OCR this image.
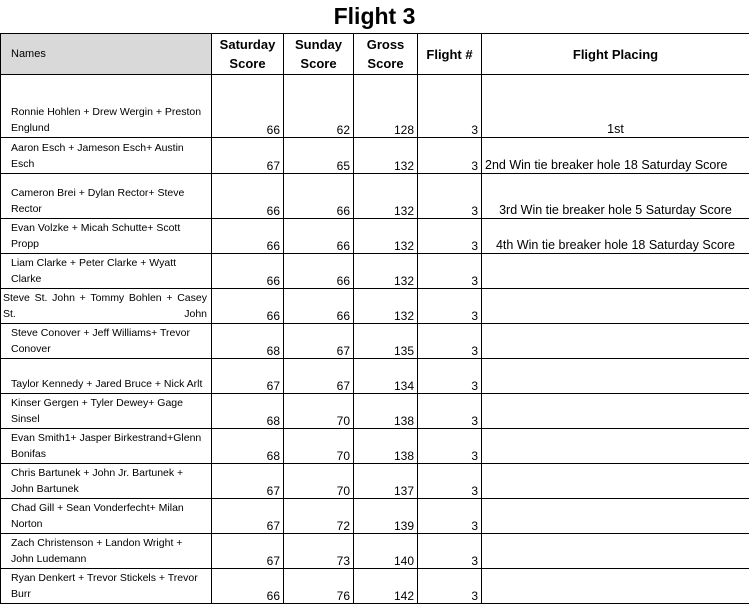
Flight 3
Names	Saturday Score	Sunday Score	Gross Score	Flight #	Flight Placing
Ronnie Hohlen + Drew Wergin + Preston Englund	66	62	128	3	1st
Aaron Esch + Jameson Esch+ Austin Esch	67	65	132	3	2nd Win tie breaker hole 18 Saturday Score
Cameron Brei + Dylan Rector+ Steve Rector	66	66	132	3	3rd Win tie breaker hole 5 Saturday Score
Evan Volzke + Micah Schutte+ Scott Propp	66	66	132	3	4th Win tie breaker hole 18 Saturday Score
Liam Clarke + Peter Clarke + Wyatt Clarke	66	66	132	3	
Steve St. John + Tommy Bohlen + Casey St. John	66	66	132	3	
Steve Conover + Jeff Williams+ Trevor Conover	68	67	135	3	
Taylor Kennedy + Jared Bruce + Nick Arlt	67	67	134	3	
Kinser Gergen + Tyler Dewey+ Gage Sinsel	68	70	138	3	
Evan Smith1+ Jasper Birkestrand+Glenn Bonifas	68	70	138	3	
Chris Bartunek + John Jr. Bartunek + John Bartunek	67	70	137	3	
Chad Gill + Sean Vonderfecht+ Milan Norton	67	72	139	3	
Zach Christenson + Landon Wright + John Ludemann	67	73	140	3	
Ryan Denkert + Trevor Stickels + Trevor Burr	66	76	142	3	
